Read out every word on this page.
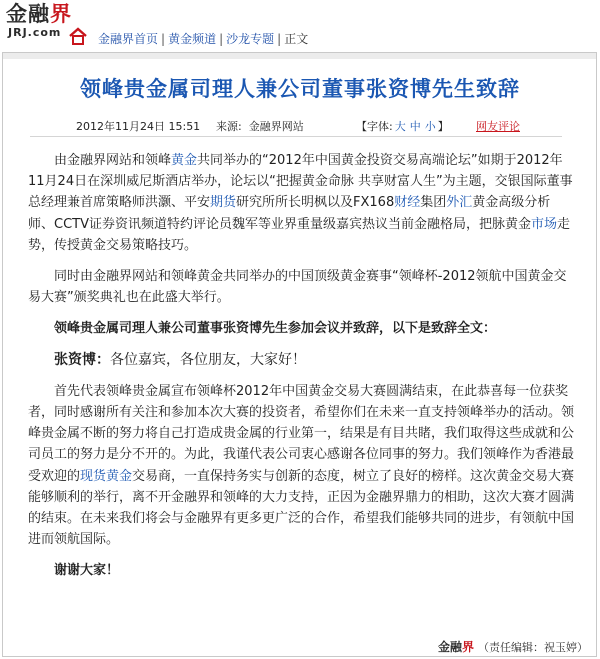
金融界
JRJ.com	金融界首页 | 黄金频道 | 沙龙专题 | 正文
领峰贵金属司理人兼公司董事张资博先生致辞
2012年11月24日 15:51 来源: 金融界网站	【字体: 大 中 小 】 网友评论

由金融界网站和领峰黄金共同举办的“2012年中国黄金投资交易高端论坛”如期于2012年11月24日在深圳威尼斯酒店举办，论坛以“把握黄金命脉 共享财富人生”为主题，交银国际董事总经理兼首席策略师洪灏、平安期货研究所所长明枫以及FX168财经集团外汇黄金高级分析师、CCTV证券资讯频道特约评论员魏军等业界重量级嘉宾热议当前金融格局，把脉黄金市场走势，传授黄金交易策略技巧。

同时由金融界网站和领峰黄金共同举办的中国顶级黄金赛事“领峰杯-2012领航中国黄金交易大赛”颁奖典礼也在此盛大举行。

领峰贵金属司理人兼公司董事张资博先生参加会议并致辞，以下是致辞全文：

张资博：各位嘉宾，各位朋友，大家好！

首先代表领峰贵金属宣布领峰杯2012年中国黄金交易大赛圆满结束，在此恭喜每一位获奖者，同时感谢所有关注和参加本次大赛的投资者，希望你们在未来一直支持领峰举办的活动。领峰贵金属不断的努力将自己打造成贵金属的行业第一，结果是有目共睹，我们取得这些成就和公司员工的努力是分不开的。为此，我谨代表公司衷心感谢各位同事的努力。我们领峰作为香港最受欢迎的现货黄金交易商，一直保持务实与创新的态度，树立了良好的榜样。这次黄金交易大赛能够顺利的举行，离不开金融界和领峰的大力支持，正因为金融界鼎力的相助，这次大赛才圆满的结束。在未来我们将会与金融界有更多更广泛的合作，希望我们能够共同的进步，有领航中国进而领航国际。

谢谢大家！

金融界 （责任编辑：祝玉婷）
